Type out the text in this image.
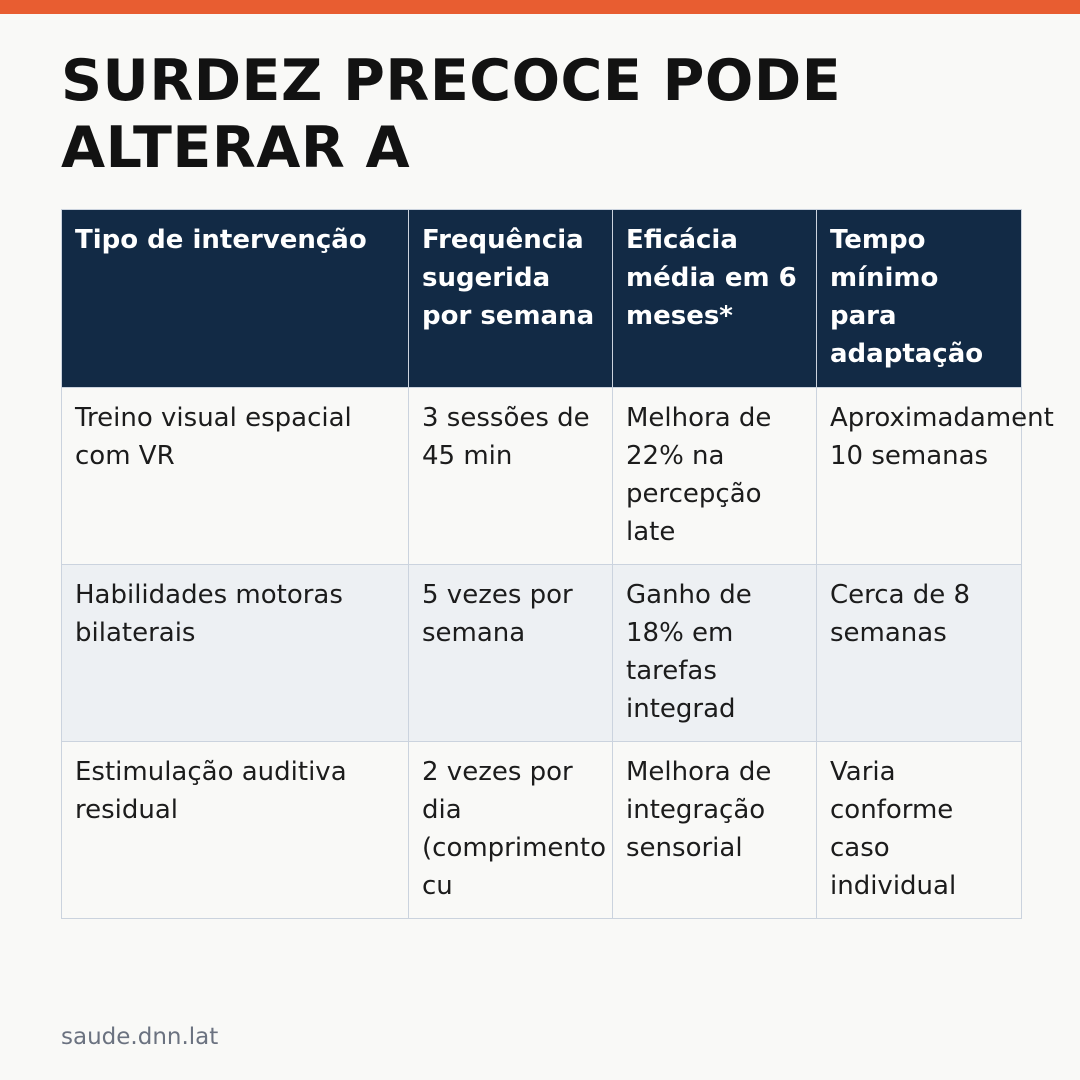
SURDEZ PRECOCE PODE ALTERAR A
Tipo de intervenção	Frequência sugerida por semana	Eficácia média em 6 meses*	Tempo mínimo para adaptação
Treino visual espacial com VR	3 sessões de 45 min	Melhora de 22% na percepção late	Aproximadament 10 semanas
Habilidades motoras bilaterais	5 vezes por semana	Ganho de 18% em tarefas integrad	Cerca de 8 semanas
Estimulação auditiva residual	2 vezes por dia (comprimento cu	Melhora de integração sensorial	Varia conforme caso individual
saude.dnn.lat
